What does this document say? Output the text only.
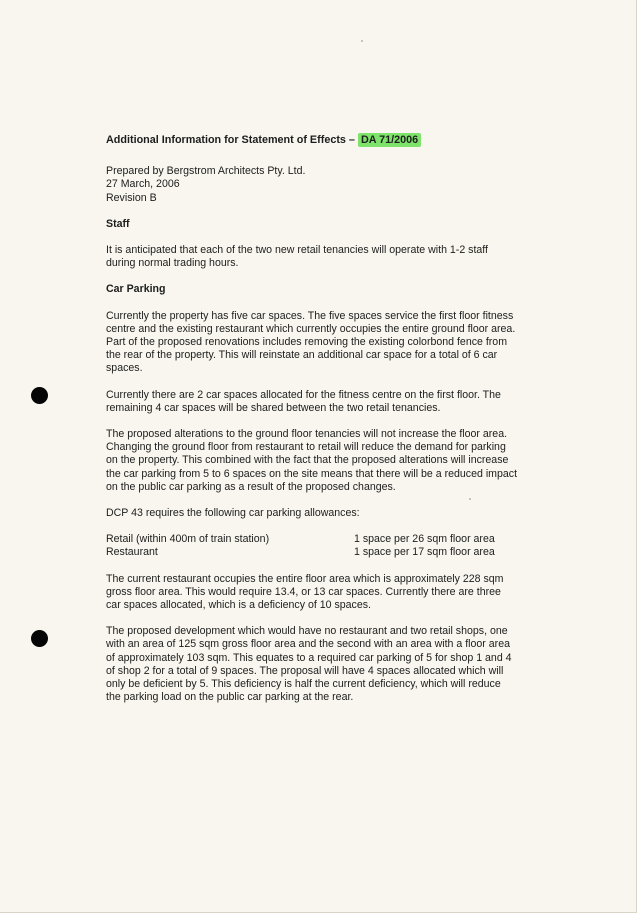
Additional Information for Statement of Effects – DA 71/2006
Prepared by Bergstrom Architects Pty. Ltd.
27 March, 2006
Revision B
Staff

It is anticipated that each of the two new retail tenancies will operate with 1-2 staff
during normal trading hours.

Car Parking

Currently the property has five car spaces. The five spaces service the first floor fitness
centre and the existing restaurant which currently occupies the entire ground floor area.
Part of the proposed renovations includes removing the existing colorbond fence from
the rear of the property. This will reinstate an additional car space for a total of 6 car
spaces.

Currently there are 2 car spaces allocated for the fitness centre on the first floor. The
remaining 4 car spaces will be shared between the two retail tenancies.

The proposed alterations to the ground floor tenancies will not increase the floor area.
Changing the ground floor from restaurant to retail will reduce the demand for parking
on the property. This combined with the fact that the proposed alterations will increase
the car parking from 5 to 6 spaces on the site means that there will be a reduced impact
on the public car parking as a result of the proposed changes.

DCP 43 requires the following car parking allowances:

Retail (within 400m of train station)	1 space per 26 sqm floor area
Restaurant	1 space per 17 sqm floor area

The current restaurant occupies the entire floor area which is approximately 228 sqm
gross floor area. This would require 13.4, or 13 car spaces. Currently there are three
car spaces allocated, which is a deficiency of 10 spaces.

The proposed development which would have no restaurant and two retail shops, one
with an area of 125 sqm gross floor area and the second with an area with a floor area
of approximately 103 sqm. This equates to a required car parking of 5 for shop 1 and 4
of shop 2 for a total of 9 spaces. The proposal will have 4 spaces allocated which will
only be deficient by 5. This deficiency is half the current deficiency, which will reduce
the parking load on the public car parking at the rear.
